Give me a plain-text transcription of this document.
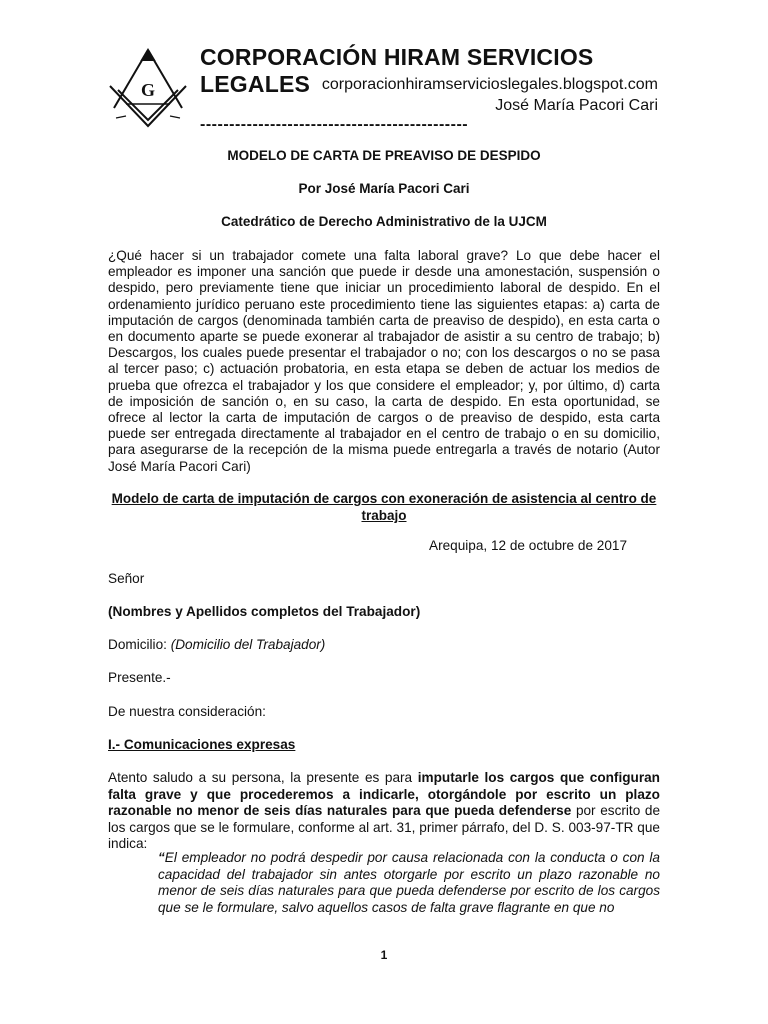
G
CORPORACIÓN HIRAM SERVICIOS LEGALES corporacionhiramservicioslegales.blogspot.com
José María Pacori Cari
----------------------------------------------
MODELO DE CARTA DE PREAVISO DE DESPIDO
Por José María Pacori Cari
Catedrático de Derecho Administrativo de la UJCM
¿Qué hacer si un trabajador comete una falta laboral grave? Lo que debe hacer el empleador es imponer una sanción que puede ir desde una amonestación, suspensión o despido, pero previamente tiene que iniciar un procedimiento laboral de despido. En el ordenamiento jurídico peruano este procedimiento tiene las siguientes etapas: a) carta de imputación de cargos (denominada también carta de preaviso de despido), en esta carta o en documento aparte se puede exonerar al trabajador de asistir a su centro de trabajo; b) Descargos, los cuales puede presentar el trabajador o no; con los descargos o no se pasa al tercer paso; c) actuación probatoria, en esta etapa se deben de actuar los medios de prueba que ofrezca el trabajador y los que considere el empleador; y, por último, d) carta de imposición de sanción o, en su caso, la carta de despido. En esta oportunidad, se ofrece al lector la carta de imputación de cargos o de preaviso de despido, esta carta puede ser entregada directamente al trabajador en el centro de trabajo o en su domicilio, para asegurarse de la recepción de la misma puede entregarla a través de notario (Autor José María Pacori Cari)
Modelo de carta de imputación de cargos con exoneración de asistencia al centro de trabajo
Arequipa, 12 de octubre de 2017
Señor
(Nombres y Apellidos completos del Trabajador)
Domicilio: (Domicilio del Trabajador)
Presente.-
De nuestra consideración:
I.- Comunicaciones expresas
Atento saludo a su persona, la presente es para imputarle los cargos que configuran falta grave y que procederemos a indicarle, otorgándole por escrito un plazo razonable no menor de seis días naturales para que pueda defenderse por escrito de los cargos que se le formulare, conforme al art. 31, primer párrafo, del D. S. 003-97-TR que indica:
“El empleador no podrá despedir por causa relacionada con la conducta o con la capacidad del trabajador sin antes otorgarle por escrito un plazo razonable no menor de seis días naturales para que pueda defenderse por escrito de los cargos que se le formulare, salvo aquellos casos de falta grave flagrante en que no
1
